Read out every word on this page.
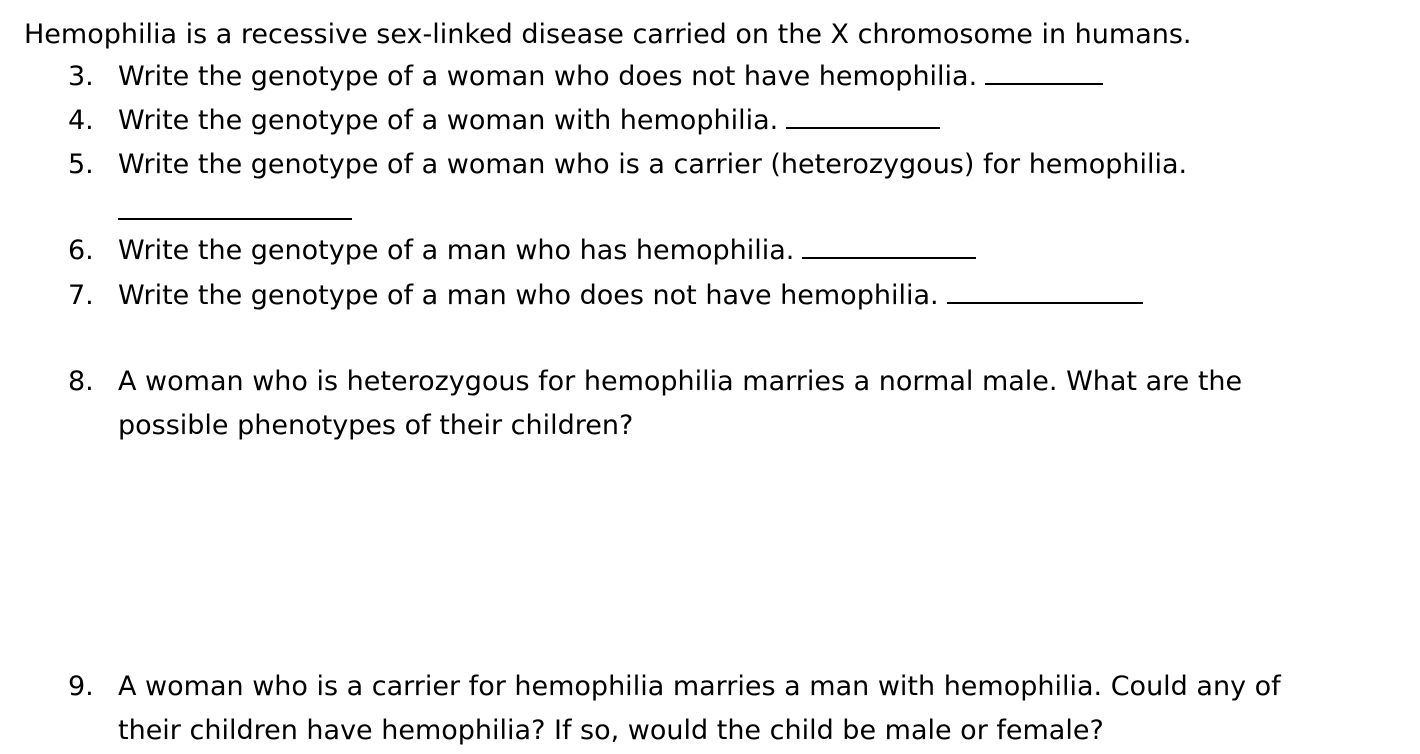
Hemophilia is a recessive sex-linked disease carried on the X chromosome in humans.
3. Write the genotype of a woman who does not have hemophilia.
4. Write the genotype of a woman with hemophilia.
5. Write the genotype of a woman who is a carrier (heterozygous) for hemophilia.
6. Write the genotype of a man who has hemophilia.
7. Write the genotype of a man who does not have hemophilia.
8. A woman who is heterozygous for hemophilia marries a normal male. What are the
possible phenotypes of their children?
9. A woman who is a carrier for hemophilia marries a man with hemophilia. Could any of
their children have hemophilia? If so, would the child be male or female?
